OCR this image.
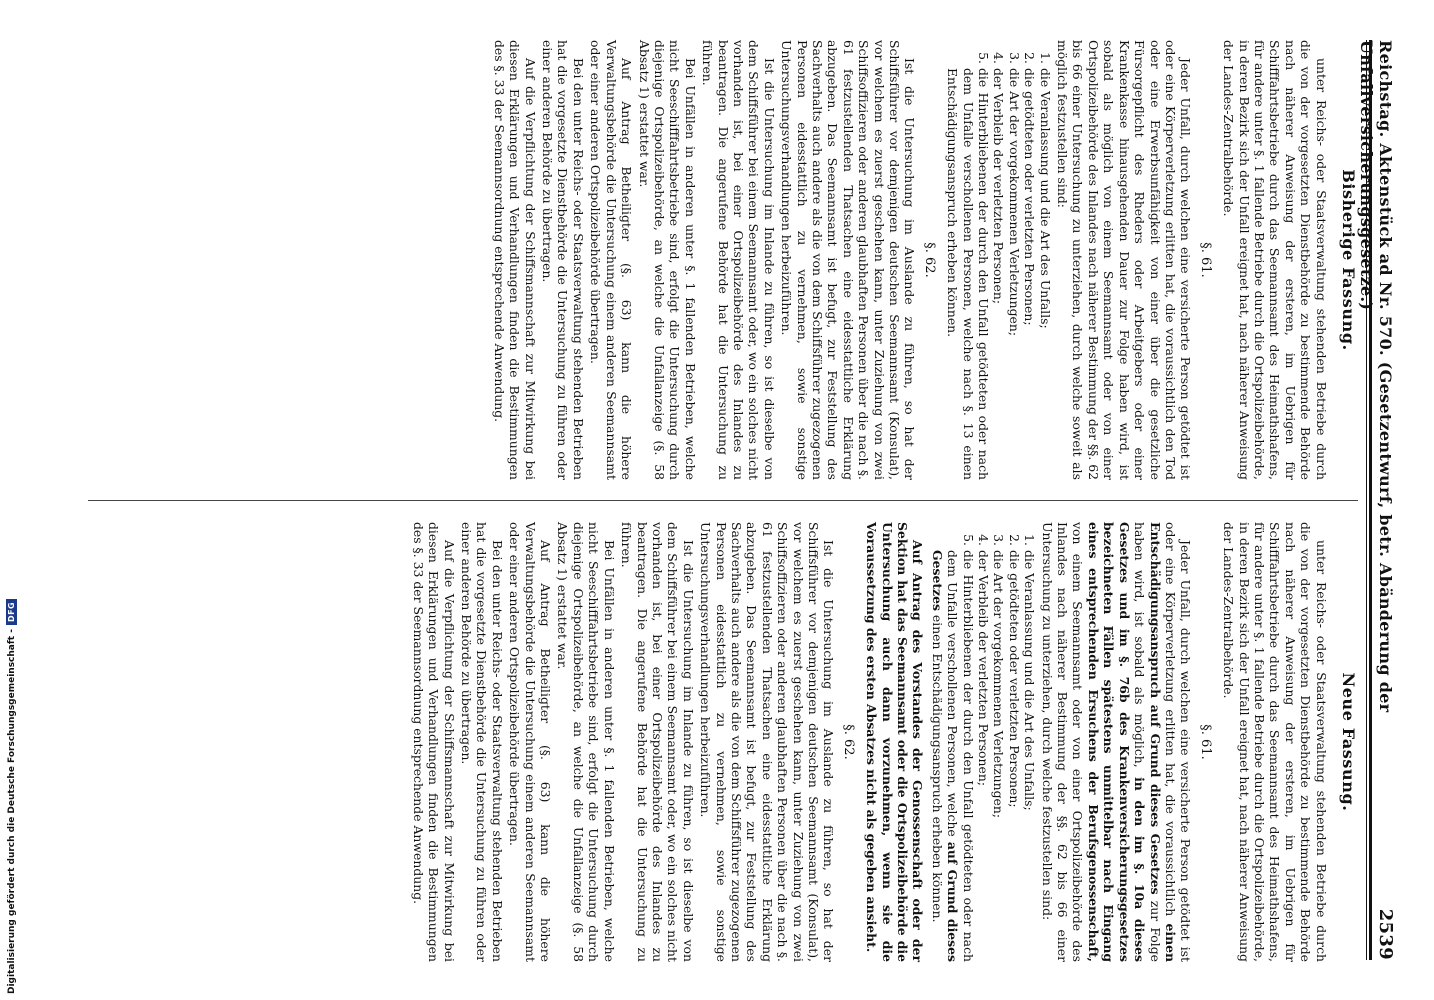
Reichstag. Aktenstück ad Nr. 570. (Gesetzentwurf, betr. Abänderung der Unfallversicherungsgesetze.)
2539
Bisherige Fassung.

unter Reichs- oder Staatsverwaltung stehenden Betriebe durch die von der vorgesetzten Dienstbehörde zu bestimmende Behörde nach näherer Anweisung der ersteren, im Uebrigen für Schifffahrtsbetriebe durch das Seemannsamt des Heimathshafens, für andere unter §. 1 fallende Betriebe durch die Ortspolizeibehörde, in deren Bezirk sich der Unfall ereignet hat, nach näherer Anweisung der Landes-Zentralbehörde.

§. 61.

Jeder Unfall, durch welchen eine versicherte Person getödtet ist oder eine Körperverletzung erlitten hat, die voraussichtlich den Tod oder eine Erwerbsunfähigkeit von einer über die gesetzliche Fürsorgepflicht des Rheders oder Arbeitgebers oder einer Krankenkasse hinausgehenden Dauer zur Folge haben wird, ist sobald als möglich von einem Seemannsamt oder von einer Ortspolizeibehörde des Inlandes nach näherer Bestimmung der §§. 62 bis 66 einer Untersuchung zu unterziehen, durch welche soweit als möglich festzustellen sind:

1.
die Veranlassung und die Art des Unfalls;
2.
die getödteten oder verletzten Personen;
3.
die Art der vorgekommenen Verletzungen;
4.
der Verbleib der verletzten Personen;
5.
die Hinterbliebenen der durch den Unfall getödteten oder nach dem Unfalle verschollenen Personen, welche nach §. 13 einen Entschädigungsanspruch erheben können.
§. 62.

Ist die Untersuchung im Auslande zu führen, so hat der Schiffsführer vor demjenigen deutschen Seemannsamt (Konsulat), vor welchem es zuerst geschehen kann, unter Zuziehung von zwei Schiffsoffizieren oder anderen glaubhaften Personen über die nach §. 61 festzustellenden Thatsachen eine eidesstattliche Erklärung abzugeben. Das Seemannsamt ist befugt, zur Feststellung des Sachverhalts auch andere als die von dem Schiffsführer zugezogenen Personen eidesstattlich zu vernehmen, sowie sonstige Untersuchungsverhandlungen herbeizuführen.

Ist die Untersuchung im Inlande zu führen, so ist dieselbe von dem Schiffsführer bei einem Seemannsamt oder, wo ein solches nicht vorhanden ist, bei einer Ortspolizeibehörde des Inlandes zu beantragen. Die angerufene Behörde hat die Untersuchung zu führen.

Bei Unfällen in anderen unter §. 1 fallenden Betrieben, welche nicht Seeschifffahrtsbetriebe sind, erfolgt die Untersuchung durch diejenige Ortspolizeibehörde, an welche die Unfallanzeige (§. 58 Absatz 1) erstattet war.

Auf Antrag Betheiligter (§. 63) kann die höhere Verwaltungsbehörde die Untersuchung einem anderen Seemannsamt oder einer anderen Ortspolizeibehörde übertragen.

Bei den unter Reichs- oder Staatsverwaltung stehenden Betrieben hat die vorgesetzte Dienstbehörde die Untersuchung zu führen oder einer anderen Behörde zu übertragen.

Auf die Verpflichtung der Schiffsmannschaft zur Mitwirkung bei diesen Erklärungen und Verhandlungen finden die Bestimmungen des §. 33 der Seemannsordnung entsprechende Anwendung.

Neue Fassung.

unter Reichs- oder Staatsverwaltung stehenden Betriebe durch die von der vorgesetzten Dienstbehörde zu bestimmende Behörde nach näherer Anweisung der ersteren, im Uebrigen für Schifffahrtsbetriebe durch das Seemannsamt des Heimathshafens, für andere unter §. 1 fallende Betriebe durch die Ortspolizeibehörde, in deren Bezirk sich der Unfall ereignet hat, nach näherer Anweisung der Landes-Zentralbehörde.

§. 61.

Jeder Unfall, durch welchen eine versicherte Person getödtet ist oder eine Körperverletzung erlitten hat, die voraussichtlich einen Entschädigungsanspruch auf Grund dieses Gesetzes zur Folge haben wird, ist sobald als möglich, in den im §. 10a dieses Gesetzes und im §. 76b des Krankenversicherungsgesetzes bezeichneten Fällen spätestens unmittelbar nach Eingang eines entsprechenden Ersuchens der Berufsgenossenschaft, von einem Seemannsamt oder von einer Ortspolizeibehörde des Inlandes nach näherer Bestimmung der §§. 62 bis 66 einer Untersuchung zu unterziehen, durch welche festzustellen sind:

1.
die Veranlassung und die Art des Unfalls;
2.
die getödteten oder verletzten Personen;
3.
die Art der vorgekommenen Verletzungen;
4.
der Verbleib der verletzten Personen;
5.
die Hinterbliebenen der durch den Unfall getödteten oder nach dem Unfalle verschollenen Personen, welche auf Grund dieses Gesetzes einen Entschädigungsanspruch erheben können.

Auf Antrag des Vorstandes der Genossenschaft oder der Sektion hat das Seemannsamt oder die Ortspolizeibehörde die Untersuchung auch dann vorzunehmen, wenn sie die Voraussetzung des ersten Absatzes nicht als gegeben ansieht.

§. 62.

Ist die Untersuchung im Auslande zu führen, so hat der Schiffsführer vor demjenigen deutschen Seemannsamt (Konsulat), vor welchem es zuerst geschehen kann, unter Zuziehung von zwei Schiffsoffizieren oder anderen glaubhaften Personen über die nach §. 61 festzustellenden Thatsachen eine eidesstattliche Erklärung abzugeben. Das Seemannsamt ist befugt, zur Feststellung des Sachverhalts auch andere als die von dem Schiffsführer zugezogenen Personen eidesstattlich zu vernehmen, sowie sonstige Untersuchungsverhandlungen herbeizuführen.

Ist die Untersuchung im Inlande zu führen, so ist dieselbe von dem Schiffsführer bei einem Seemannsamt oder, wo ein solches nicht vorhanden ist, bei einer Ortspolizeibehörde des Inlandes zu beantragen. Die angerufene Behörde hat die Untersuchung zu führen.

Bei Unfällen in anderen unter §. 1 fallenden Betrieben, welche nicht Seeschifffahrtsbetriebe sind, erfolgt die Untersuchung durch diejenige Ortspolizeibehörde, an welche die Unfallanzeige (§. 58 Absatz 1) erstattet war.

Auf Antrag Betheiligter (§. 63) kann die höhere Verwaltungsbehörde die Untersuchung einem anderen Seemannsamt oder einer anderen Ortspolizeibehörde übertragen.

Bei den unter Reichs- oder Staatsverwaltung stehenden Betrieben hat die vorgesetzte Dienstbehörde die Untersuchung zu führen oder einer anderen Behörde zu übertragen.

Auf die Verpflichtung der Schiffsmannschaft zur Mitwirkung bei diesen Erklärungen und Verhandlungen finden die Bestimmungen des §. 33 der Seemannsordnung entsprechende Anwendung.

Digitalisierung gefördert durch die Deutsche Forschungsgemeinschaft -
DFG
